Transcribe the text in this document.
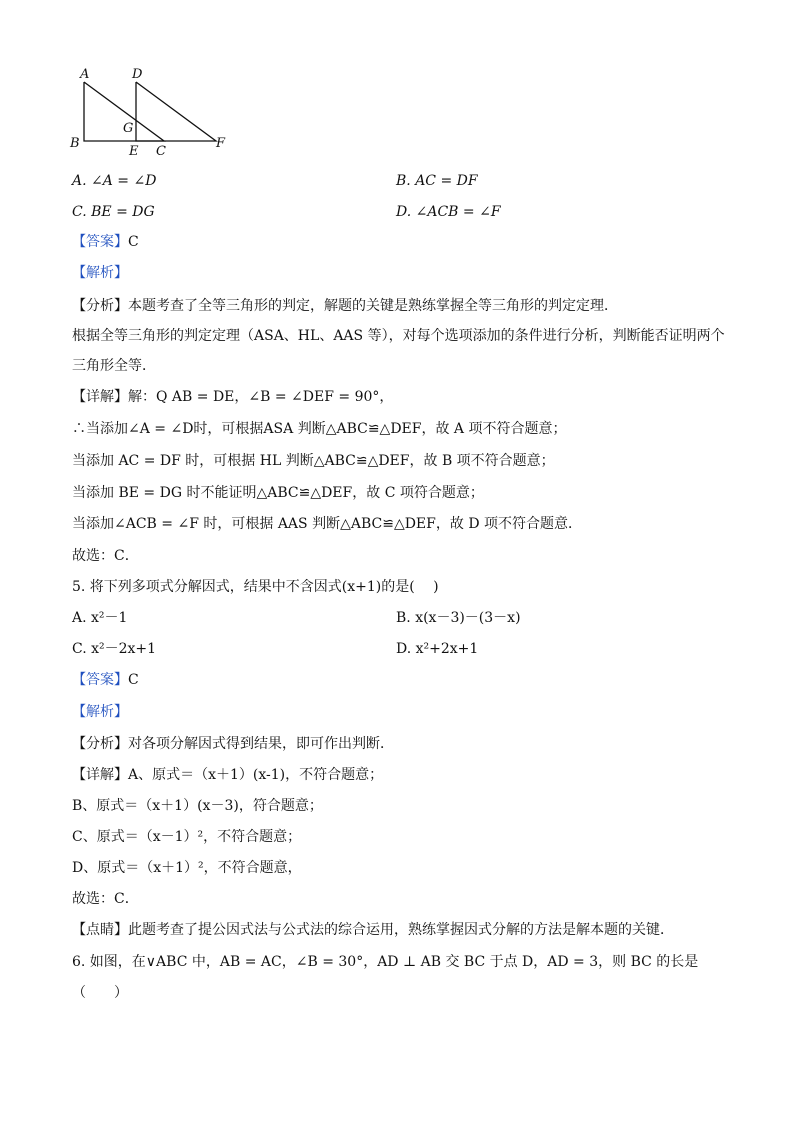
A	D
B
G
E C
F
A. ∠A = ∠D	B. AC = DF
C. BE = DG	D. ∠ACB = ∠F
【答案】C
【解析】
【分析】本题考查了全等三角形的判定，解题的关键是熟练掌握全等三角形的判定定理．
根据全等三角形的判定定理（ASA、HL、AAS 等），对每个选项添加的条件进行分析，判断能否证明两个
三角形全等．
【详解】解：Q AB = DE，∠B = ∠DEF = 90°，
∴当添加∠A = ∠D时，可根据ASA 判断△ABC≌△DEF，故 A 项不符合题意；
当添加 AC = DF 时，可根据 HL 判断△ABC≌△DEF，故 B 项不符合题意；
当添加 BE = DG 时不能证明△ABC≌△DEF，故 C 项符合题意；
当添加∠ACB = ∠F 时，可根据 AAS 判断△ABC≌△DEF，故 D 项不符合题意．
故选：C．
5. 将下列多项式分解因式，结果中不含因式(x+1)的是(　 )
A. x²－1	B. x(x－3)－(3－x)
C. x²－2x+1	D. x²+2x+1
【答案】C
【解析】
【分析】对各项分解因式得到结果，即可作出判断．
【详解】A、原式＝（x＋1）(x-1)，不符合题意；
B、原式＝（x＋1）(x－3)，符合题意；
C、原式＝（x－1）²，不符合题意；
D、原式＝（x＋1）²，不符合题意，
故选：C．
【点睛】此题考查了提公因式法与公式法的综合运用，熟练掌握因式分解的方法是解本题的关键．
6. 如图，在∨ABC 中，AB = AC，∠B = 30°，AD ⊥ AB 交 BC 于点 D，AD = 3，则 BC 的长是
（　　）
